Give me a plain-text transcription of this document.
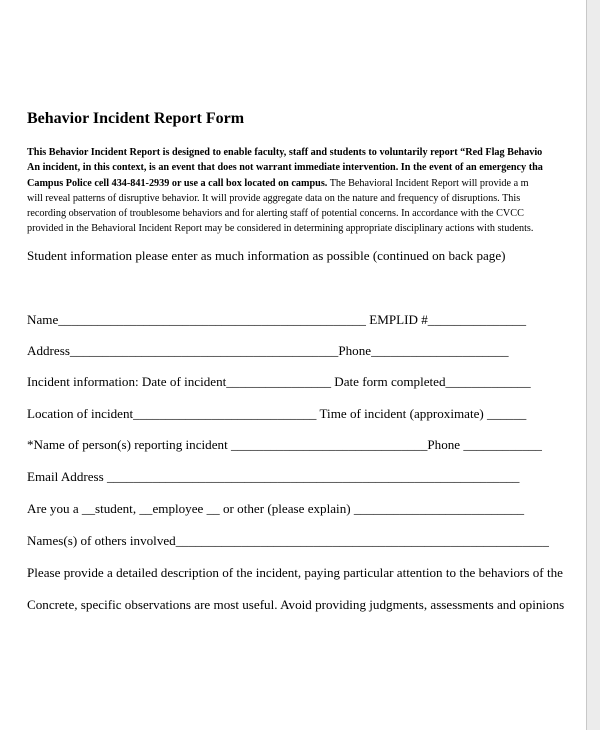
Behavior Incident Report Form
This Behavior Incident Report is designed to enable faculty, staff and students to voluntarily report “Red Flag Behavio
An incident, in this context, is an event that does not warrant immediate intervention. In the event of an emergency tha
Campus Police cell 434-841-2939 or use a call box located on campus. The Behavioral Incident Report will provide a m
will reveal patterns of disruptive behavior. It will provide aggregate data on the nature and frequency of disruptions. This
recording observation of troublesome behaviors and for alerting staff of potential concerns. In accordance with the CVCC
provided in the Behavioral Incident Report may be considered in determining appropriate disciplinary actions with students.
Student information please enter as much information as possible (continued on back page)
Name_______________________________________________ EMPLID #_______________
Address_________________________________________Phone_____________________
Incident information: Date of incident________________ Date form completed_____________
Location of incident____________________________ Time of incident (approximate) ______
*Name of person(s) reporting incident ______________________________Phone ____________
Email Address _______________________________________________________________
Are you a __student, __employee __ or other (please explain) __________________________
Names(s) of others involved_________________________________________________________
Please provide a detailed description of the incident, paying particular attention to the behaviors of the
Concrete, specific observations are most useful. Avoid providing judgments, assessments and opinions
